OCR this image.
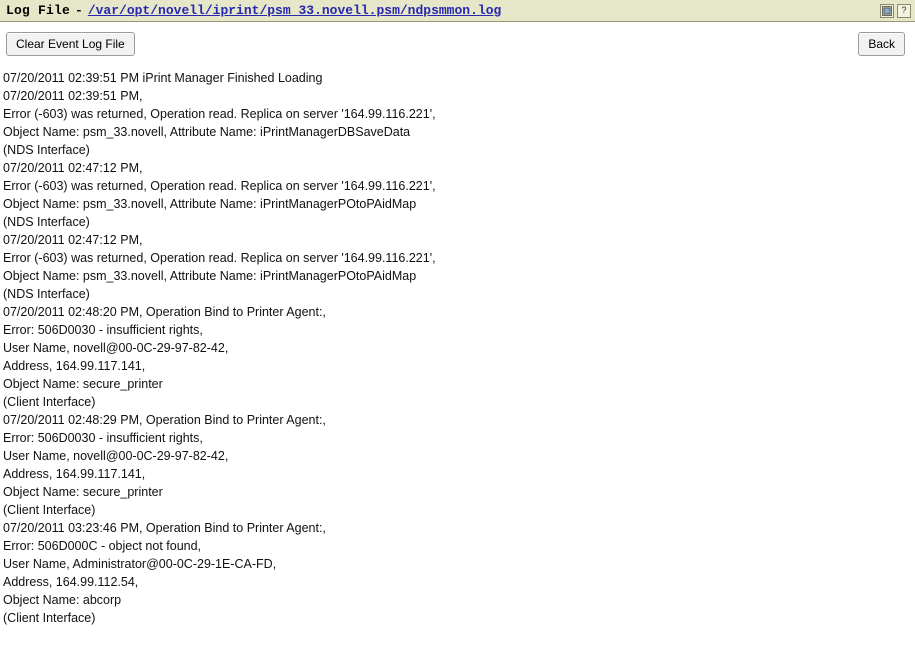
Log File - /var/opt/novell/iprint/psm_33.novell.psm/ndpsmmon.log	?
Clear Event Log File	Back
07/20/2011 02:39:51 PM iPrint Manager Finished Loading
07/20/2011 02:39:51 PM,
Error (-603) was returned, Operation read. Replica on server '164.99.116.221',
Object Name: psm_33.novell, Attribute Name: iPrintManagerDBSaveData
(NDS Interface)
07/20/2011 02:47:12 PM,
Error (-603) was returned, Operation read. Replica on server '164.99.116.221',
Object Name: psm_33.novell, Attribute Name: iPrintManagerPOtoPAidMap
(NDS Interface)
07/20/2011 02:47:12 PM,
Error (-603) was returned, Operation read. Replica on server '164.99.116.221',
Object Name: psm_33.novell, Attribute Name: iPrintManagerPOtoPAidMap
(NDS Interface)
07/20/2011 02:48:20 PM, Operation Bind to Printer Agent:,
Error: 506D0030 - insufficient rights,
User Name, novell@00-0C-29-97-82-42,
Address, 164.99.117.141,
Object Name: secure_printer
(Client Interface)
07/20/2011 02:48:29 PM, Operation Bind to Printer Agent:,
Error: 506D0030 - insufficient rights,
User Name, novell@00-0C-29-97-82-42,
Address, 164.99.117.141,
Object Name: secure_printer
(Client Interface)
07/20/2011 03:23:46 PM, Operation Bind to Printer Agent:,
Error: 506D000C - object not found,
User Name, Administrator@00-0C-29-1E-CA-FD,
Address, 164.99.112.54,
Object Name: abcorp
(Client Interface)
